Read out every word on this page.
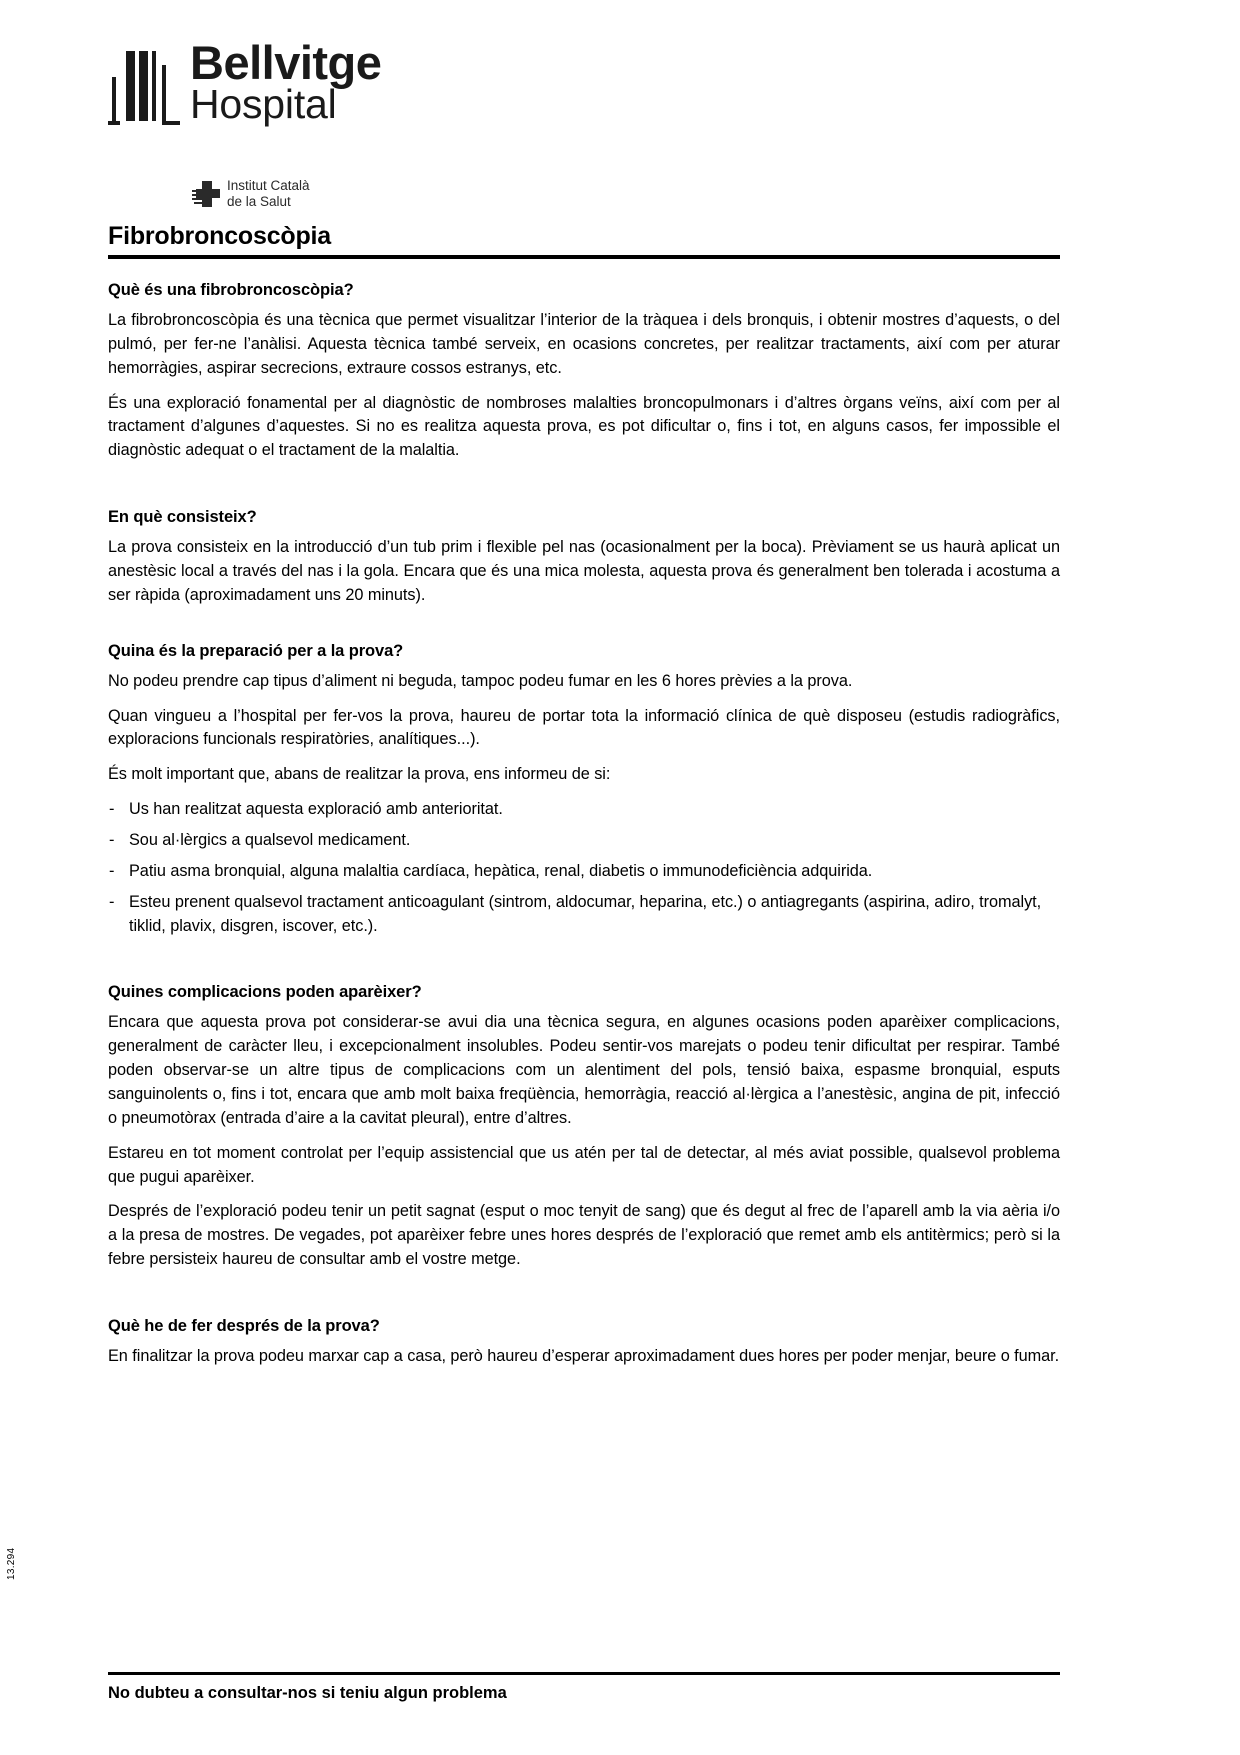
Bellvitge
Hospital
Institut Català
de la Salut
Fibrobroncoscòpia
Què és una fibrobroncoscòpia?

La fibrobroncoscòpia és una tècnica que permet visualitzar l’interior de la tràquea i dels bronquis, i obtenir mostres d’aquests, o del pulmó, per fer-ne l’anàlisi. Aquesta tècnica també serveix, en ocasions concretes, per realitzar tractaments, així com per aturar hemorràgies, aspirar secrecions, extraure cossos estranys, etc.

És una exploració fonamental per al diagnòstic de nombroses malalties broncopulmonars i d’altres òrgans veïns, així com per al tractament d’algunes d’aquestes. Si no es realitza aquesta prova, es pot dificultar o, fins i tot, en alguns casos, fer impossible el diagnòstic adequat o el tractament de la malaltia.

En què consisteix?

La prova consisteix en la introducció d’un tub prim i flexible pel nas (ocasionalment per la boca). Prèviament se us haurà aplicat un anestèsic local a través del nas i la gola. Encara que és una mica molesta, aquesta prova és generalment ben tolerada i acostuma a ser ràpida (aproximadament uns 20 minuts).

Quina és la preparació per a la prova?

No podeu prendre cap tipus d’aliment ni beguda, tampoc podeu fumar en les 6 hores prèvies a la prova.

Quan vingueu a l’hospital per fer-vos la prova, haureu de portar tota la informació clínica de què disposeu (estudis radiogràfics, exploracions funcionals respiratòries, analítiques...).

És molt important que, abans de realitzar la prova, ens informeu de si:

- Us han realitzat aquesta exploració amb anterioritat.
- Sou al·lèrgics a qualsevol medicament.
- Patiu asma bronquial, alguna malaltia cardíaca, hepàtica, renal, diabetis o immunodeficiència adquirida.
- Esteu prenent qualsevol tractament anticoagulant (sintrom, aldocumar, heparina, etc.) o antiagregants (aspirina, adiro, tromalyt, tiklid, plavix, disgren, iscover, etc.).
Quines complicacions poden aparèixer?

Encara que aquesta prova pot considerar-se avui dia una tècnica segura, en algunes ocasions poden aparèixer complicacions, generalment de caràcter lleu, i excepcionalment insolubles. Podeu sentir-vos marejats o podeu tenir dificultat per respirar. També poden observar-se un altre tipus de complicacions com un alentiment del pols, tensió baixa, espasme bronquial, esputs sanguinolents o, fins i tot, encara que amb molt baixa freqüència, hemorràgia, reacció al·lèrgica a l’anestèsic, angina de pit, infecció o pneumotòrax (entrada d’aire a la cavitat pleural), entre d’altres.

Estareu en tot moment controlat per l’equip assistencial que us atén per tal de detectar, al més aviat possible, qualsevol problema que pugui aparèixer.

Després de l’exploració podeu tenir un petit sagnat (esput o moc tenyit de sang) que és degut al frec de l’aparell amb la via aèria i/o a la presa de mostres. De vegades, pot aparèixer febre unes hores després de l’exploració que remet amb els antitèrmics; però si la febre persisteix haureu de consultar amb el vostre metge.

Què he de fer després de la prova?

En finalitzar la prova podeu marxar cap a casa, però haureu d’esperar aproximadament dues hores per poder menjar, beure o fumar.

13.294
No dubteu a consultar-nos si teniu algun problema
